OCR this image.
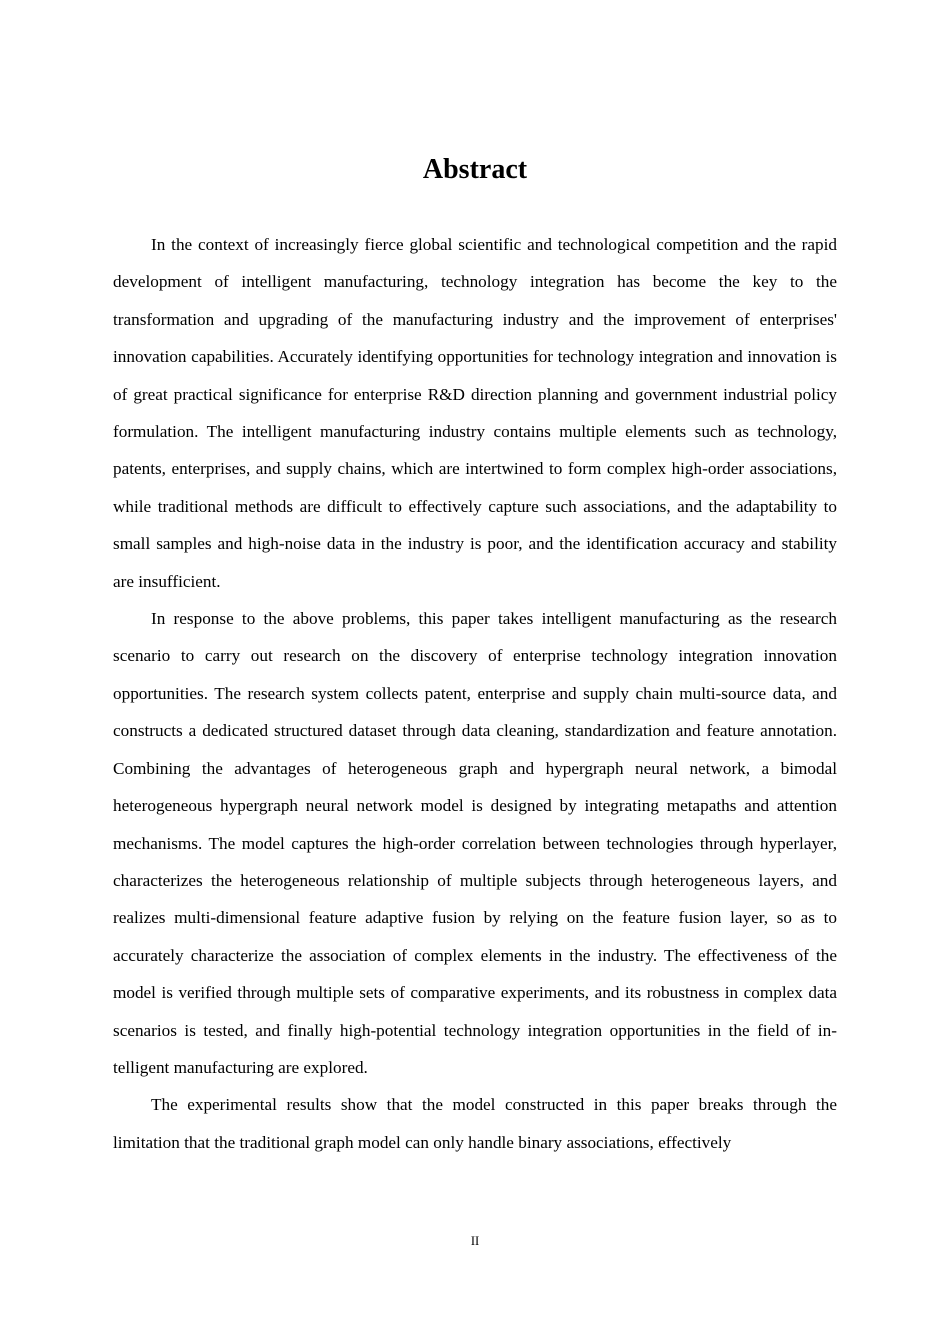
Abstract

In the context of increasingly fierce global scientific and technological competition and the rapid development of intelligent manufacturing, technology integration has become the key to the transformation and upgrading of the manufacturing industry and the improvement of enterprises' innovation capabilities. Accurately identifying opportunities for technology integration and innovation is of great practical significance for enterprise R&D direction planning and government industrial policy formulation. The intelligent manufacturing industry contains multiple elements such as technology, patents, enterprises, and supply chains, which are intertwined to form complex high-order associations, while traditional methods are difficult to effectively capture such associations, and the adaptability to small samples and high-noise data in the industry is poor, and the identification accuracy and stability are insufficient.

In response to the above problems, this paper takes intelligent manufacturing as the research scenario to carry out research on the discovery of enterprise technology integration innovation opportunities. The research system collects patent, enterprise and supply chain multi-source data, and constructs a dedicated structured dataset through data cleaning, standardization and feature annotation. Combining the advantages of heterogeneous graph and hypergraph neural network, a bimodal heterogeneous hypergraph neural network model is designed by integrating metapaths and attention mechanisms. The model captures the high-order correlation between technologies through hyperlayer, characterizes the heterogeneous relationship of multiple subjects through heterogeneous layers, and realizes multi-dimensional feature adaptive fusion by relying on the feature fusion layer, so as to accurately characterize the association of complex elements in the industry. The effectiveness of the model is verified through multiple sets of comparative experiments, and its robustness in complex data scenarios is tested, and finally high-potential technology integration opportunities in the field of intelligent manufacturing are explored.

The experimental results show that the model constructed in this paper breaks through the limitation that the traditional graph model can only handle binary associations, effectively

II
